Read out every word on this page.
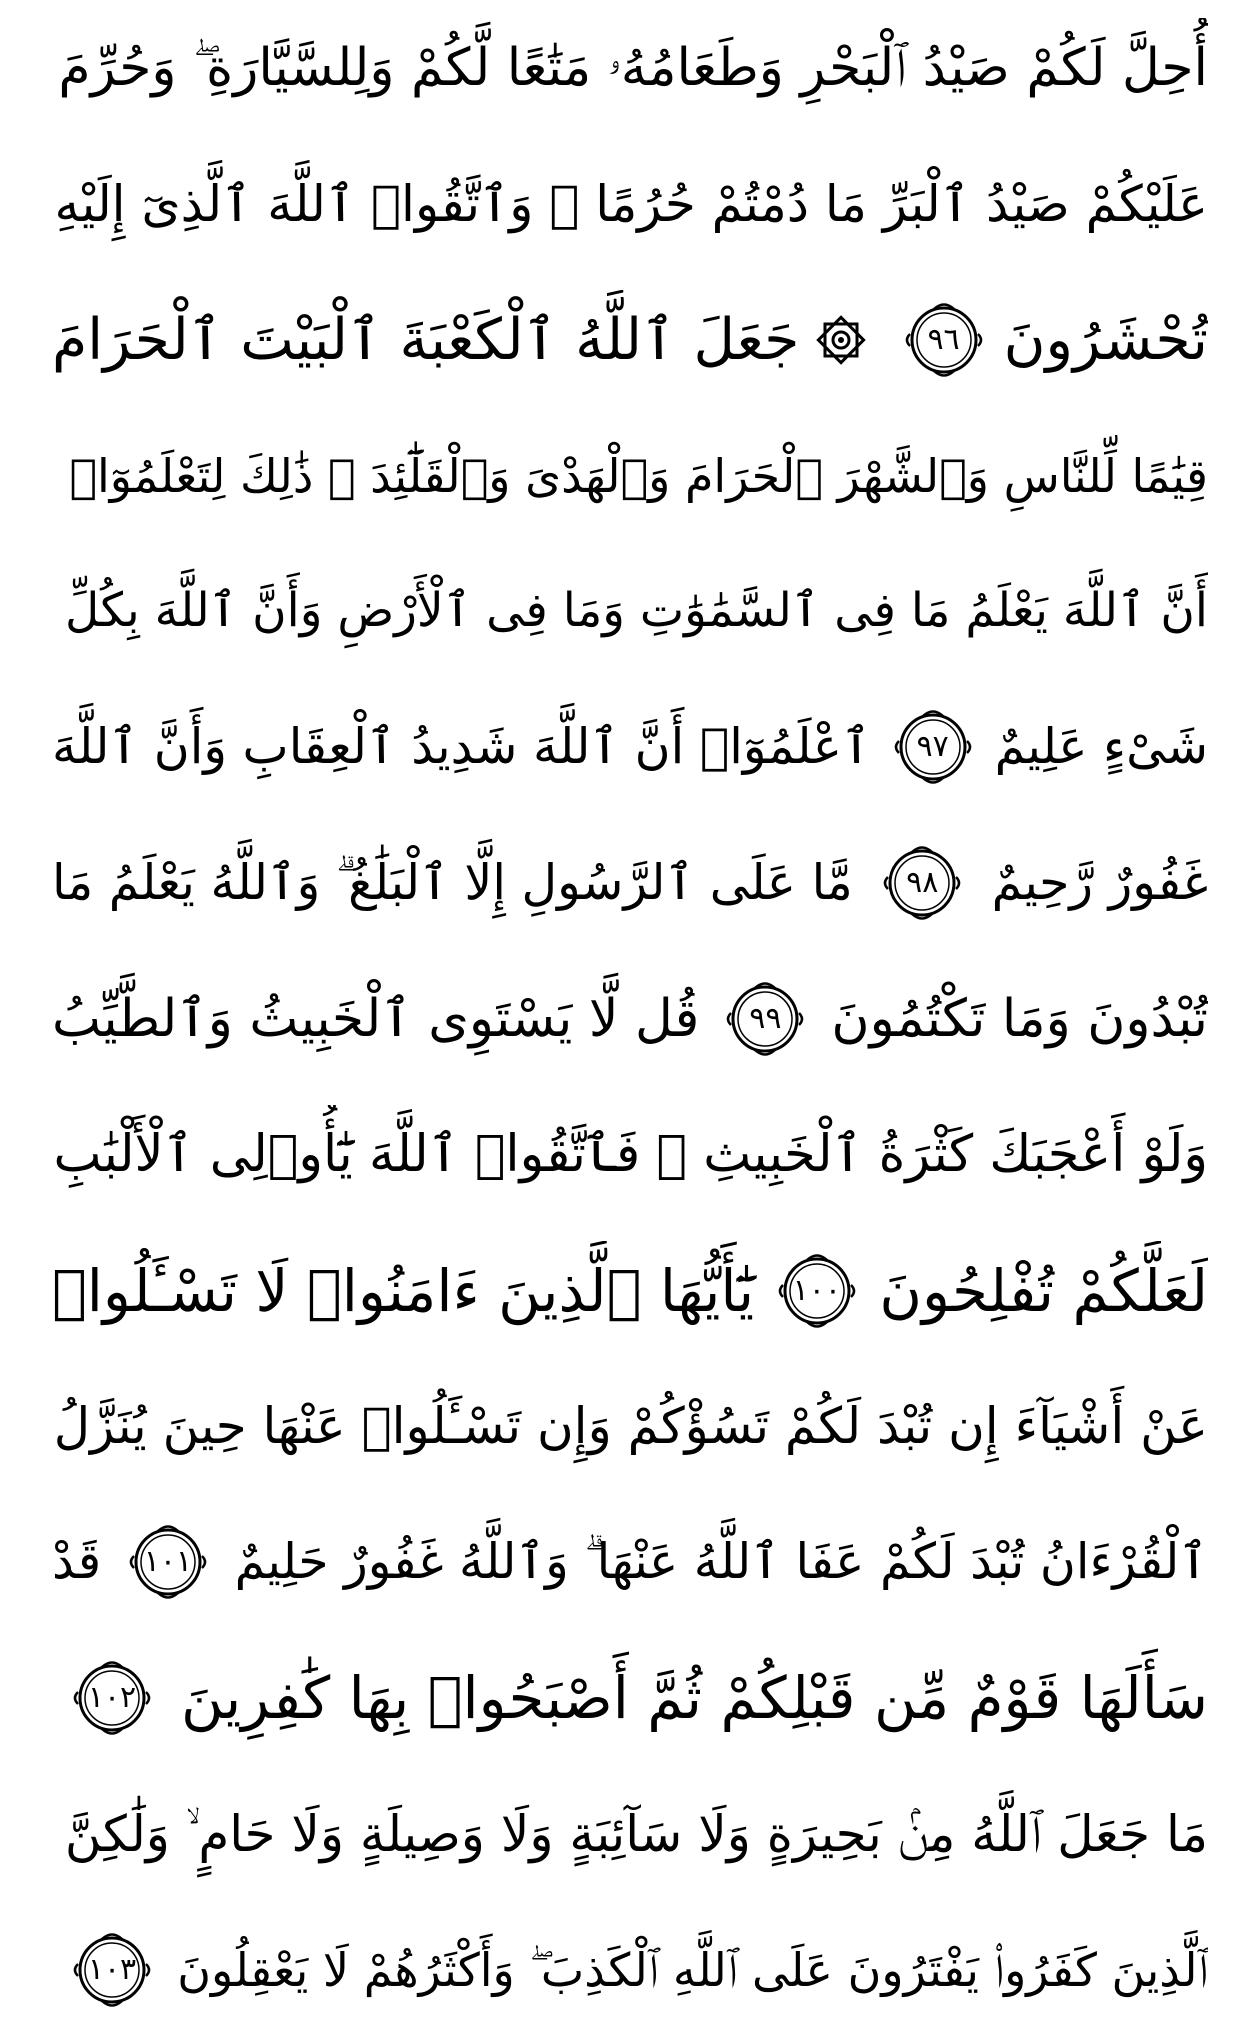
أُحِلَّ لَكُمْ صَيْدُ ٱلْبَحْرِ وَطَعَامُهُۥ مَتَٰعًا لَّكُمْ وَلِلسَّيَّارَةِ ۖ وَحُرِّمَ
عَلَيْكُمْ صَيْدُ ٱلْبَرِّ مَا دُمْتُمْ حُرُمًا ۗ وَٱتَّقُوا۟ ٱللَّهَ ٱلَّذِىٓ إِلَيْهِ
تُحْشَرُونَ
٩٦
جَعَلَ ٱللَّهُ ٱلْكَعْبَةَ ٱلْبَيْتَ ٱلْحَرَامَ
قِيَٰمًا لِّلنَّاسِ وَٱلشَّهْرَ ٱلْحَرَامَ وَٱلْهَدْىَ وَٱلْقَلَٰٓئِدَ ۚ ذَٰلِكَ لِتَعْلَمُوٓا۟
أَنَّ ٱللَّهَ يَعْلَمُ مَا فِى ٱلسَّمَٰوَٰتِ وَمَا فِى ٱلْأَرْضِ وَأَنَّ ٱللَّهَ بِكُلِّ
شَىْءٍ عَلِيمٌ
٩٧
ٱعْلَمُوٓا۟ أَنَّ ٱللَّهَ شَدِيدُ ٱلْعِقَابِ وَأَنَّ ٱللَّهَ
غَفُورٌ رَّحِيمٌ
٩٨
مَّا عَلَى ٱلرَّسُولِ إِلَّا ٱلْبَلَٰغُ ۗ وَٱللَّهُ يَعْلَمُ مَا
تُبْدُونَ وَمَا تَكْتُمُونَ
٩٩
قُل لَّا يَسْتَوِى ٱلْخَبِيثُ وَٱلطَّيِّبُ
وَلَوْ أَعْجَبَكَ كَثْرَةُ ٱلْخَبِيثِ ۚ فَٱتَّقُوا۟ ٱللَّهَ يَٰٓأُو۟لِى ٱلْأَلْبَٰبِ
لَعَلَّكُمْ تُفْلِحُونَ
١٠٠
يَٰٓأَيُّهَا ٱلَّذِينَ ءَامَنُوا۟ لَا تَسْـَٔلُوا۟
عَنْ أَشْيَآءَ إِن تُبْدَ لَكُمْ تَسُؤْكُمْ وَإِن تَسْـَٔلُوا۟ عَنْهَا حِينَ يُنَزَّلُ
ٱلْقُرْءَانُ تُبْدَ لَكُمْ عَفَا ٱللَّهُ عَنْهَا ۗ وَٱللَّهُ غَفُورٌ حَلِيمٌ
١٠١
قَدْ
سَأَلَهَا قَوْمٌ مِّن قَبْلِكُمْ ثُمَّ أَصْبَحُوا۟ بِهَا كَٰفِرِينَ
١٠٢
مَا جَعَلَ ٱللَّهُ مِنۢ بَحِيرَةٍ وَلَا سَآئِبَةٍ وَلَا وَصِيلَةٍ وَلَا حَامٍ ۙ وَلَٰكِنَّ
ٱلَّذِينَ كَفَرُوا۟ يَفْتَرُونَ عَلَى ٱللَّهِ ٱلْكَذِبَ ۖ وَأَكْثَرُهُمْ لَا يَعْقِلُونَ
١٠٣
